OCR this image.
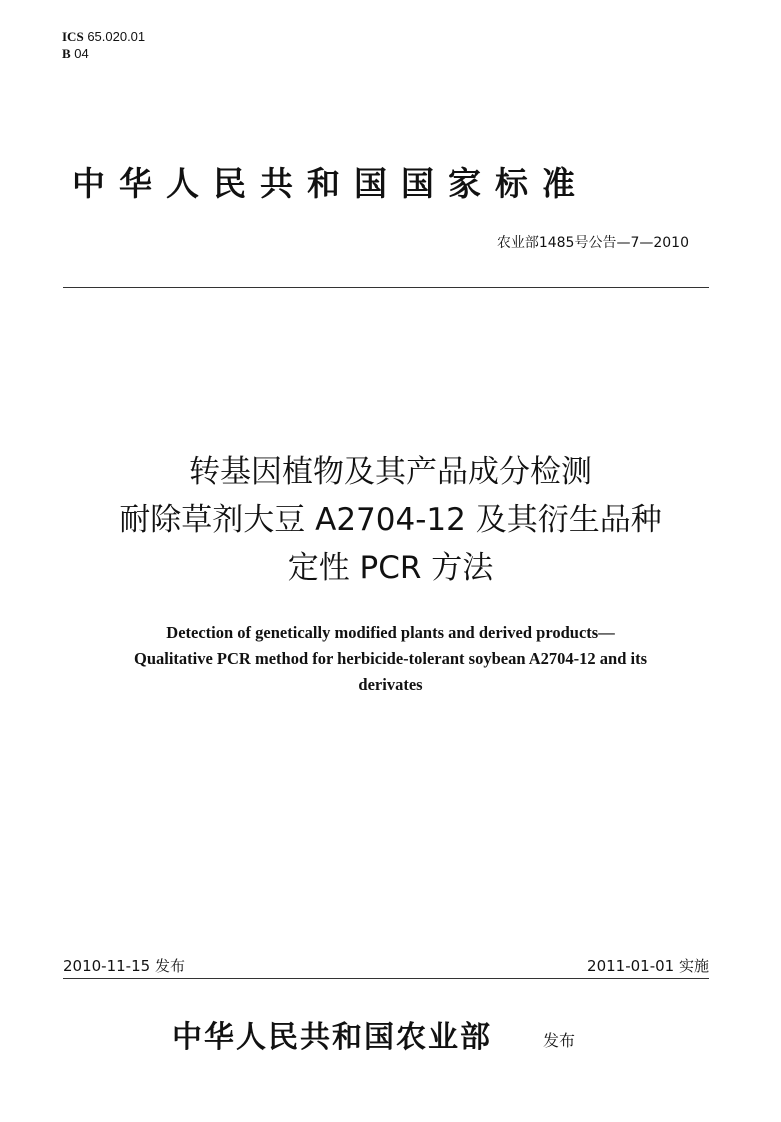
ICS 65.020.01
B 04
中华人民共和国国家标准
农业部1485号公告—7—2010
转基因植物及其产品成分检测
耐除草剂大豆 A2704-12 及其衍生品种
定性 PCR 方法
Detection of genetically modified plants and derived products—
Qualitative PCR method for herbicide-tolerant soybean A2704-12 and its
derivates
2010-11-15 发布	2011-01-01 实施
中华人民共和国农业部	发布
